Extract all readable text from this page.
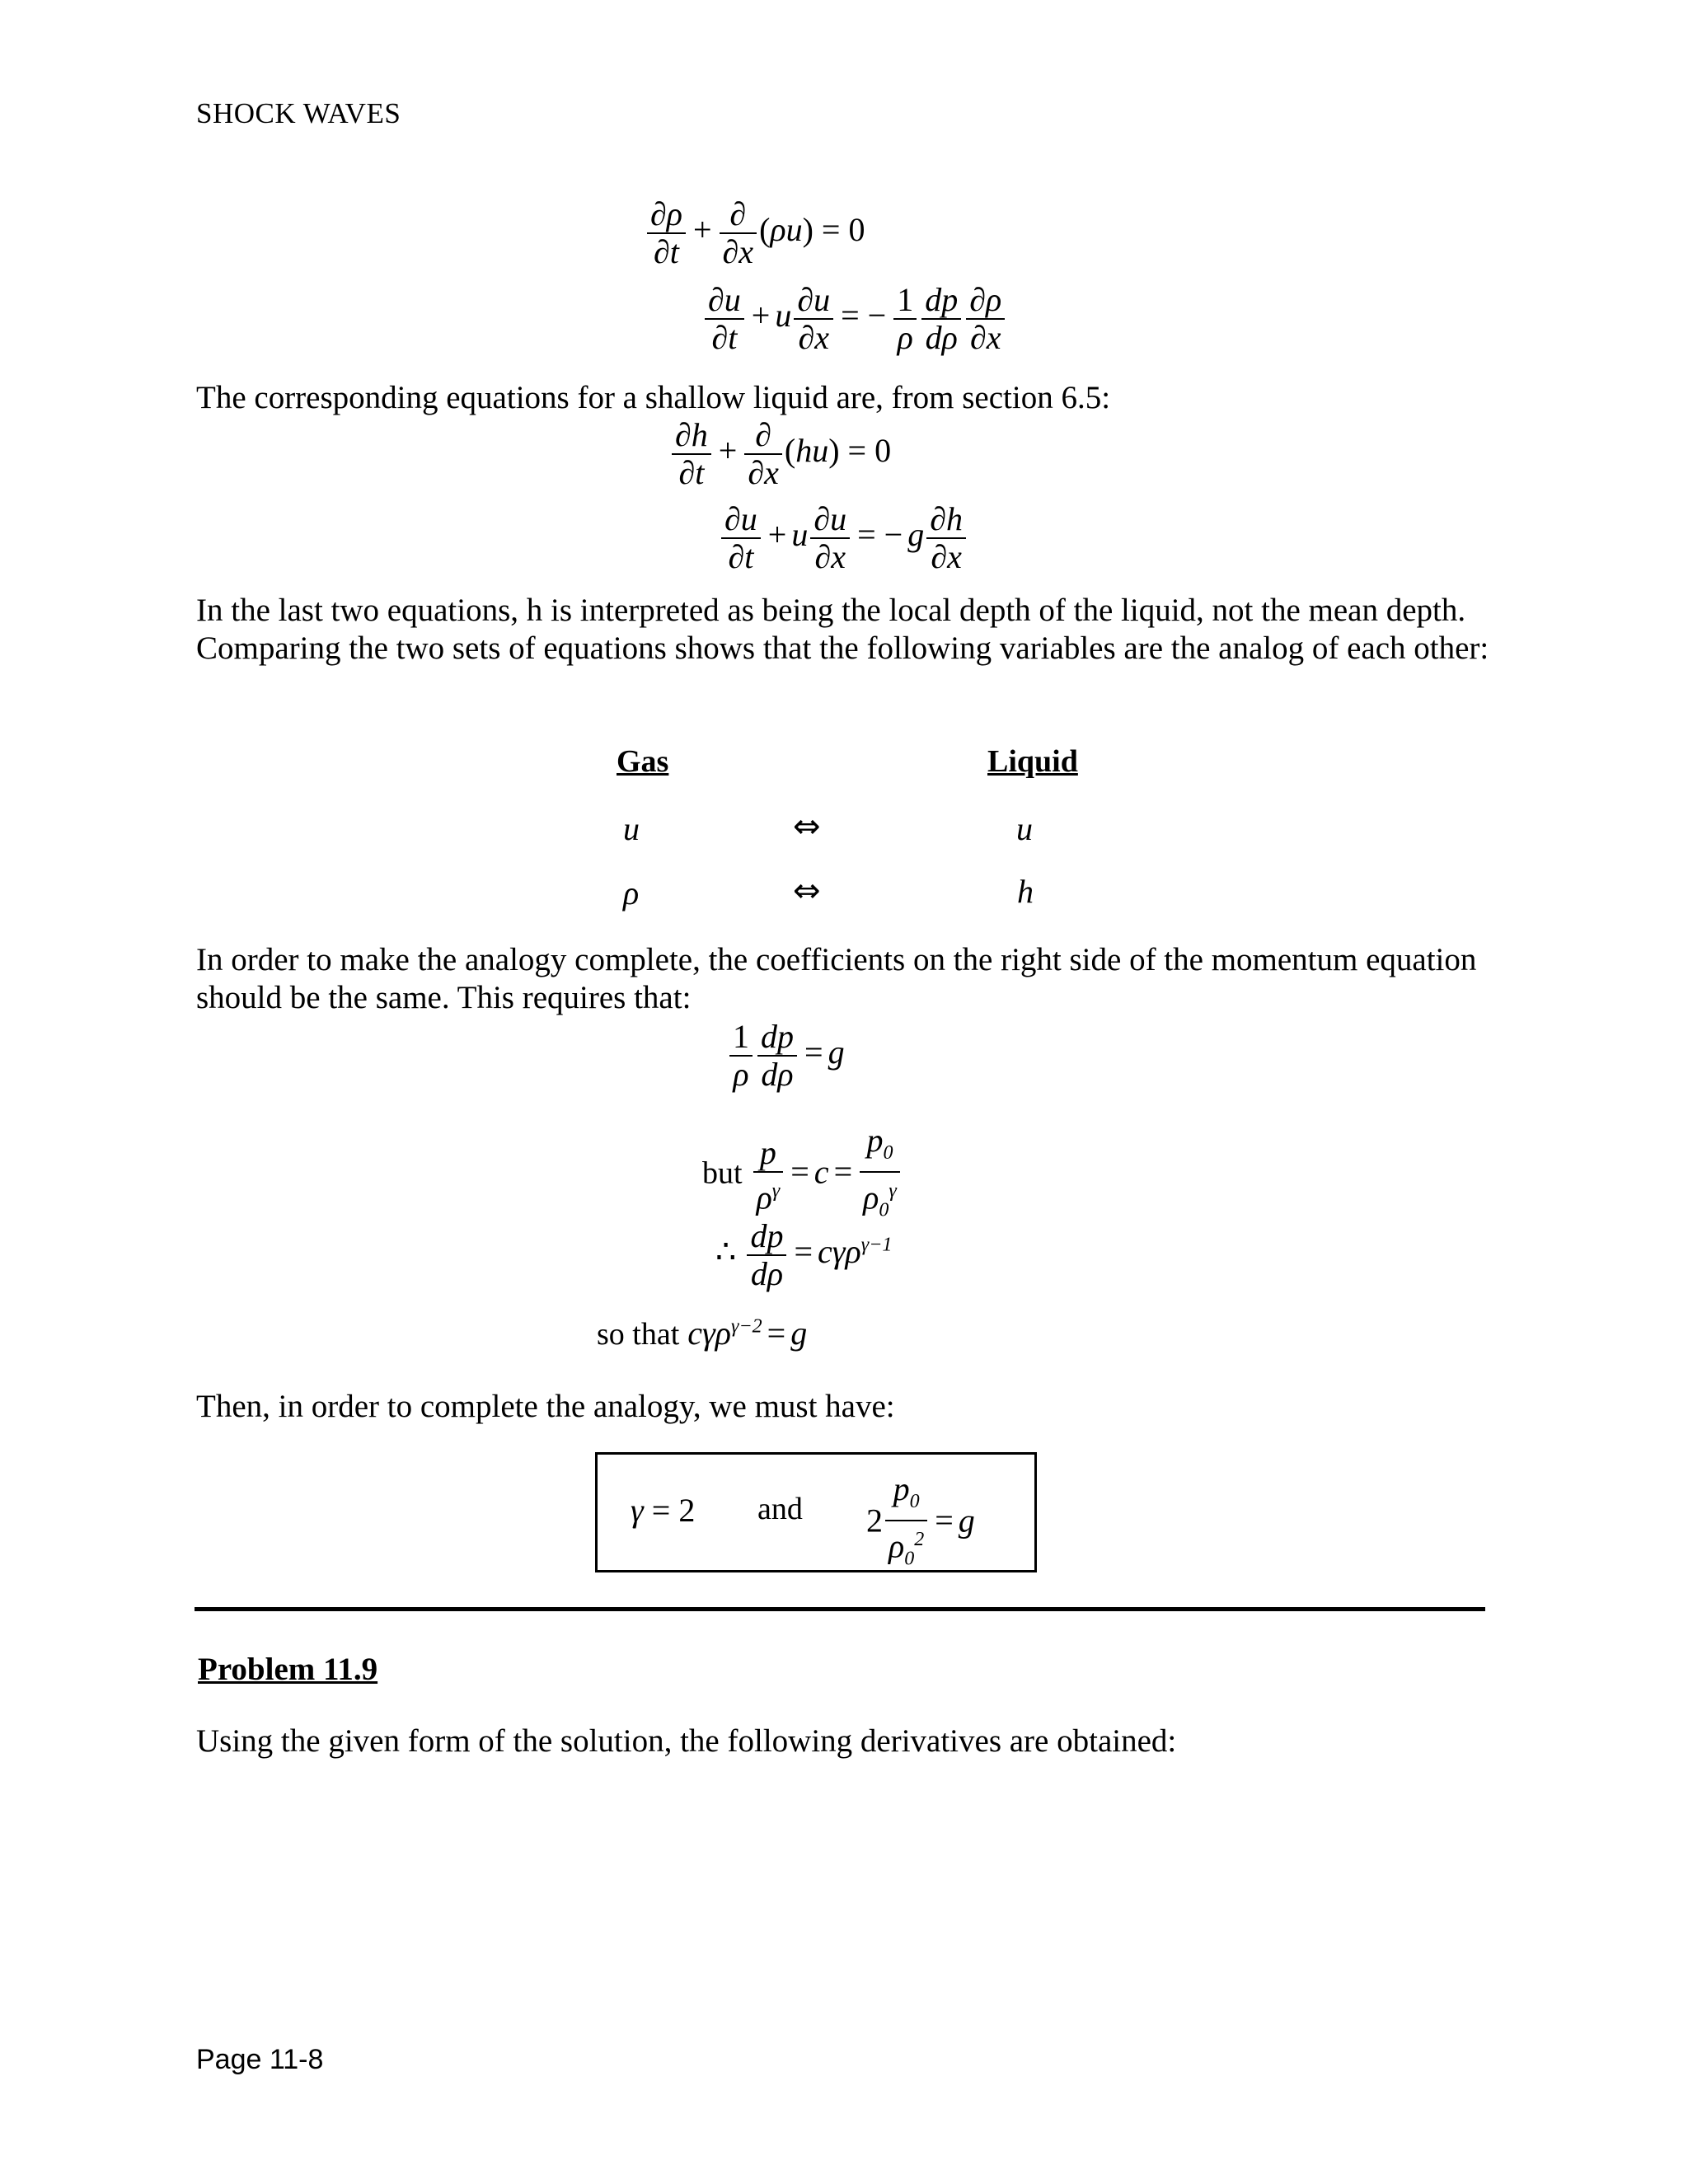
SHOCK WAVES
$\frac{\partial\rho}{\partial t} + \frac{\partial}{\partial x} (\rho u) = 0$
$\frac{\partial u}{\partial t} + u \frac{\partial u}{\partial x}$ = − $\frac{1}{\rho} \frac{dp}{d\rho} \frac{\partial\rho}{\partial x}$
The corresponding equations for a shallow liquid are, from section 6.5:
$\frac{\partial h}{\partial t} + \frac{\partial}{\partial x} (hu) = 0$
$\frac{\partial u}{\partial t} + u \frac{\partial u}{\partial x}$ = − g $\frac{\partial h}{\partial x}$
In the last two equations, h is interpreted as being the local depth of the liquid, not the mean depth. Comparing the two sets of equations shows that the following variables are the analog of each other:
Gas	Liquid
u	⇔	u
ρ	⇔	h
In order to make the analogy complete, the coefficients on the right side of the momentum equation should be the same. This requires that:
$\frac{1}{\rho} \frac{dp}{d\rho} = g$
but $\frac{p}{\rho^\gamma} = c = \frac{p_0}{\rho_0^\gamma}$
∴ $\frac{dp}{d\rho} = c\gamma\rho^{\gamma-1}$
so that cγρ$^{\gamma-2}$ = g
Then, in order to complete the analogy, we must have:
γ = 2 and $2 \frac{p_0}{\rho_0^2} = g$
Problem 11.9
Using the given form of the solution, the following derivatives are obtained:
Page 11-8
